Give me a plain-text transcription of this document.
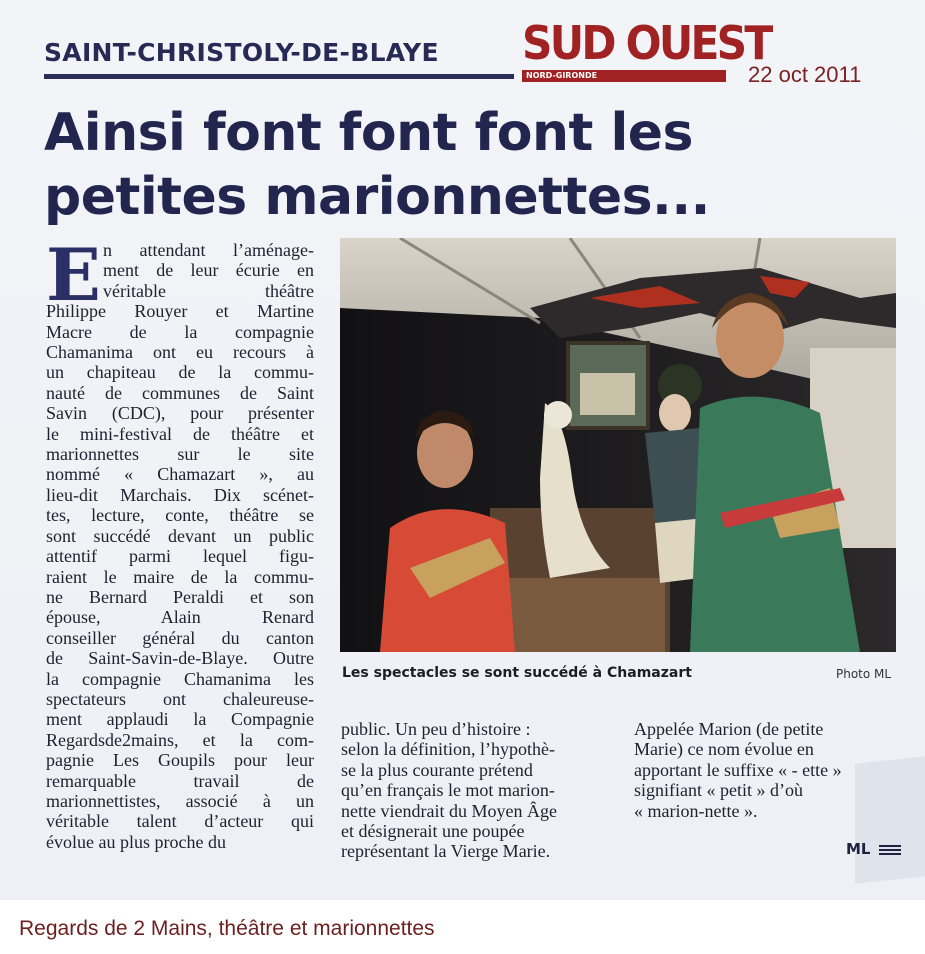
SAINT-CHRISTOLY-DE-BLAYE	SUD OUEST
NORD-GIRONDE
Ainsi font font font les
petites marionnettes...
E n attendant l’aménage-
ment de leur écurie en
véritable théâtre
Philippe Rouyer et Martine
Macre de la compagnie
Chamanima ont eu recours à
un chapiteau de la commu-
nauté de communes de Saint
Savin (CDC), pour présenter
le mini-festival de théâtre et
marionnettes sur le site
nommé « Chamazart », au
lieu-dit Marchais. Dix scénet-
tes, lecture, conte, théâtre se
sont succédé devant un public
attentif parmi lequel figu-
raient le maire de la commu-
ne Bernard Peraldi et son
épouse, Alain Renard
conseiller général du canton
de Saint-Savin-de-Blaye. Outre
la compagnie Chamanima les
spectateurs ont chaleureuse-
ment applaudi la Compagnie
Regardsde2mains, et la com-
pagnie Les Goupils pour leur
remarquable travail de
marionnettistes, associé à un
véritable talent d’acteur qui
évolue au plus proche du
Les spectacles se sont succédé à Chamazart	Photo ML
public. Un peu d’histoire :
selon la définition, l’hypothè-
se la plus courante prétend
qu’en français le mot marion-
nette viendrait du Moyen Âge
et désignerait une poupée
représentant la Vierge Marie.
Appelée Marion (de petite
Marie) ce nom évolue en
apportant le suffixe « - ette »
signifiant « petit » d’où
« marion-nette ».
ML
22 oct 2011
Regards de 2 Mains, théâtre et marionnettes
